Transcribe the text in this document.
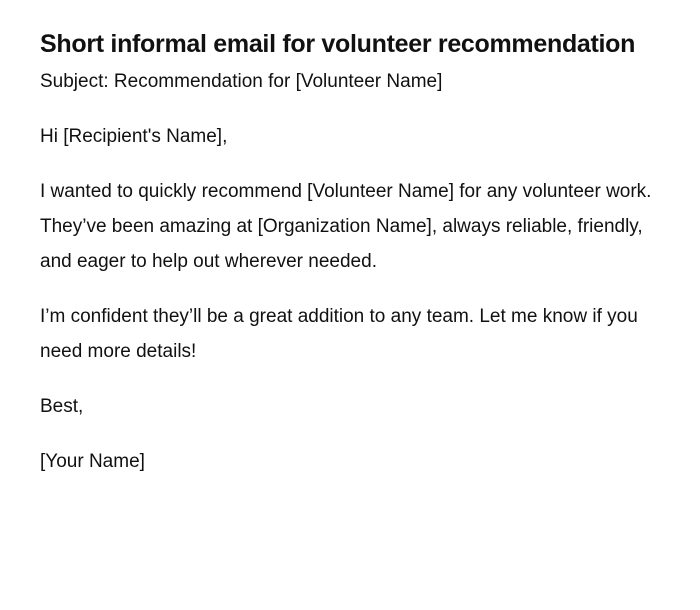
Short informal email for volunteer recommendation

Subject: Recommendation for [Volunteer Name]

Hi [Recipient's Name],

I wanted to quickly recommend [Volunteer Name] for any volunteer work. They’ve been amazing at [Organization Name], always reliable, friendly, and eager to help out wherever needed.

I’m confident they’ll be a great addition to any team. Let me know if you need more details!

Best,

[Your Name]
